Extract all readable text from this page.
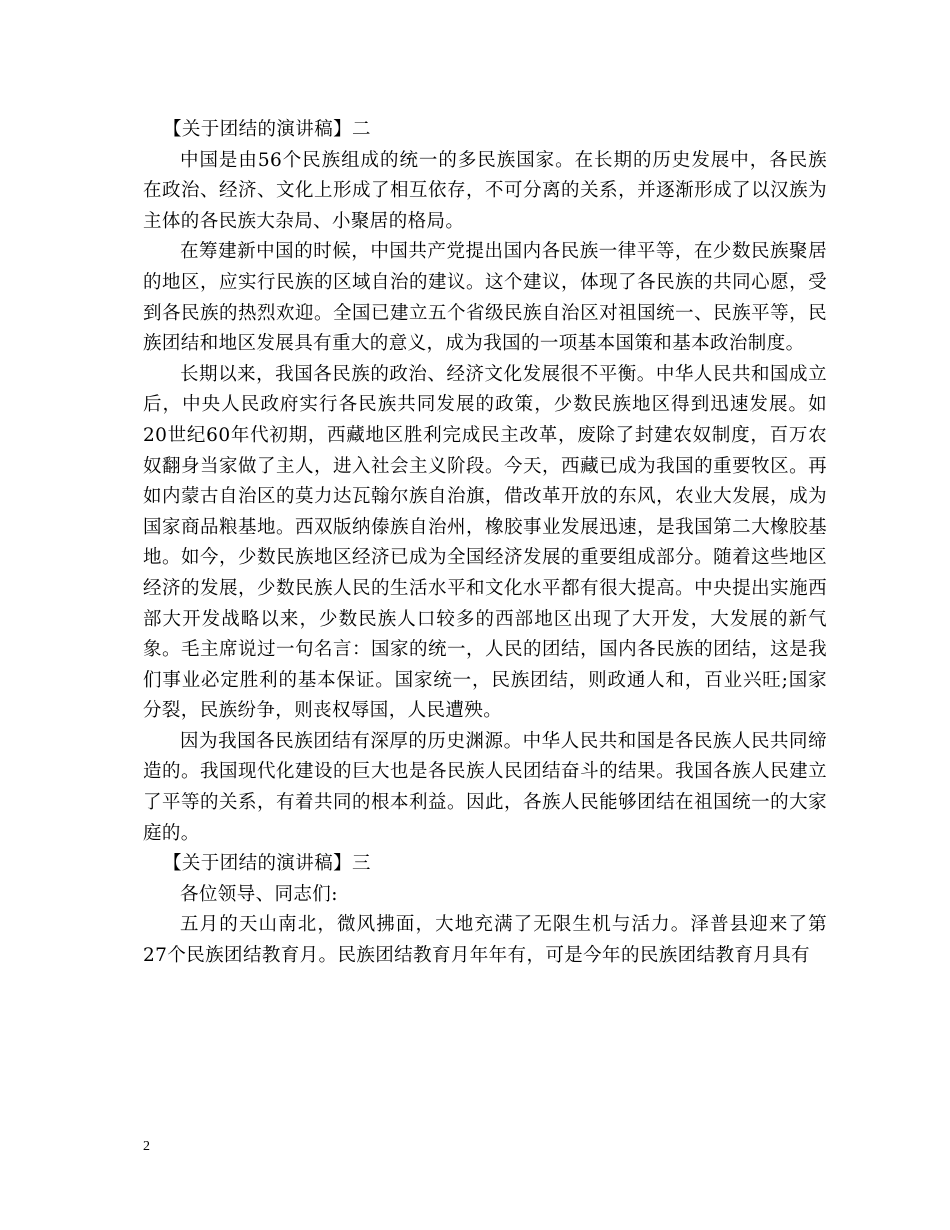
【关于团结的演讲稿】二

中国是由56个民族组成的统一的多民族国家。在长期的历史发展中，各民族在政治、经济、文化上形成了相互依存，不可分离的关系，并逐渐形成了以汉族为主体的各民族大杂局、小聚居的格局。

在筹建新中国的时候，中国共产党提出国内各民族一律平等，在少数民族聚居的地区，应实行民族的区域自治的建议。这个建议，体现了各民族的共同心愿，受到各民族的热烈欢迎。全国已建立五个省级民族自治区对祖国统一、民族平等，民族团结和地区发展具有重大的意义，成为我国的一项基本国策和基本政治制度。

长期以来，我国各民族的政治、经济文化发展很不平衡。中华人民共和国成立后，中央人民政府实行各民族共同发展的政策，少数民族地区得到迅速发展。如20世纪60年代初期，西藏地区胜利完成民主改革，废除了封建农奴制度，百万农奴翻身当家做了主人，进入社会主义阶段。今天，西藏已成为我国的重要牧区。再如内蒙古自治区的莫力达瓦翰尔族自治旗，借改革开放的东风，农业大发展，成为国家商品粮基地。西双版纳傣族自治州，橡胶事业发展迅速，是我国第二大橡胶基地。如今，少数民族地区经济已成为全国经济发展的重要组成部分。随着这些地区经济的发展，少数民族人民的生活水平和文化水平都有很大提高。中央提出实施西部大开发战略以来，少数民族人口较多的西部地区出现了大开发，大发展的新气象。毛主席说过一句名言：国家的统一，人民的团结，国内各民族的团结，这是我们事业必定胜利的基本保证。国家统一，民族团结，则政通人和，百业兴旺;国家分裂，民族纷争，则丧权辱国，人民遭殃。

因为我国各民族团结有深厚的历史渊源。中华人民共和国是各民族人民共同缔造的。我国现代化建设的巨大也是各民族人民团结奋斗的结果。我国各族人民建立了平等的关系，有着共同的根本利益。因此，各族人民能够团结在祖国统一的大家庭的。

【关于团结的演讲稿】三

各位领导、同志们:

五月的天山南北，微风拂面，大地充满了无限生机与活力。泽普县迎来了第27个民族团结教育月。民族团结教育月年年有，可是今年的民族团结教育月具有

2
